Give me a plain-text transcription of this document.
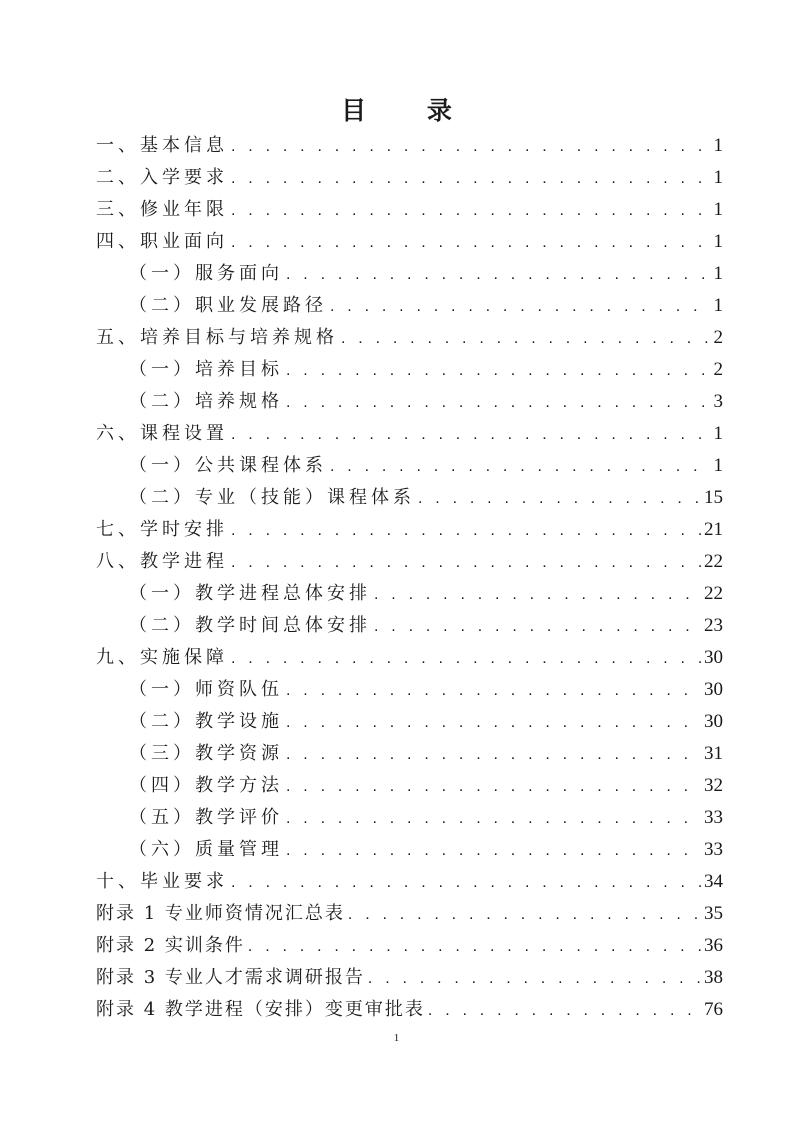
目 录
一、基本信息 . . .	1
二、入学要求 . . .	1
三、修业年限 . . .	1
四、职业面向 . . .	1
（一）服务面向 . . .	1
（二）职业发展路径 . . .	1
五、培养目标与培养规格 . . .	2
（一）培养目标 . . .	2
（二）培养规格 . . .	3
六、课程设置 . . .	1
（一）公共课程体系 . . .	1
（二）专业（技能）课程体系 . . .	15
七、学时安排 . . .	21
八、教学进程 . . .	22
（一）教学进程总体安排 . . .	22
（二）教学时间总体安排 . . .	23
九、实施保障 . . .	30
（一）师资队伍 . . .	30
（二）教学设施 . . .	30
（三）教学资源 . . .	31
（四）教学方法 . . .	32
（五）教学评价 . . .	33
（六）质量管理 . . .	33
十、毕业要求 . . .	34
附录 1 专业师资情况汇总表 . . .	35
附录 2 实训条件 . . .	36
附录 3 专业人才需求调研报告 . . .	38
附录 4 教学进程（安排）变更审批表 . . .	76
1
